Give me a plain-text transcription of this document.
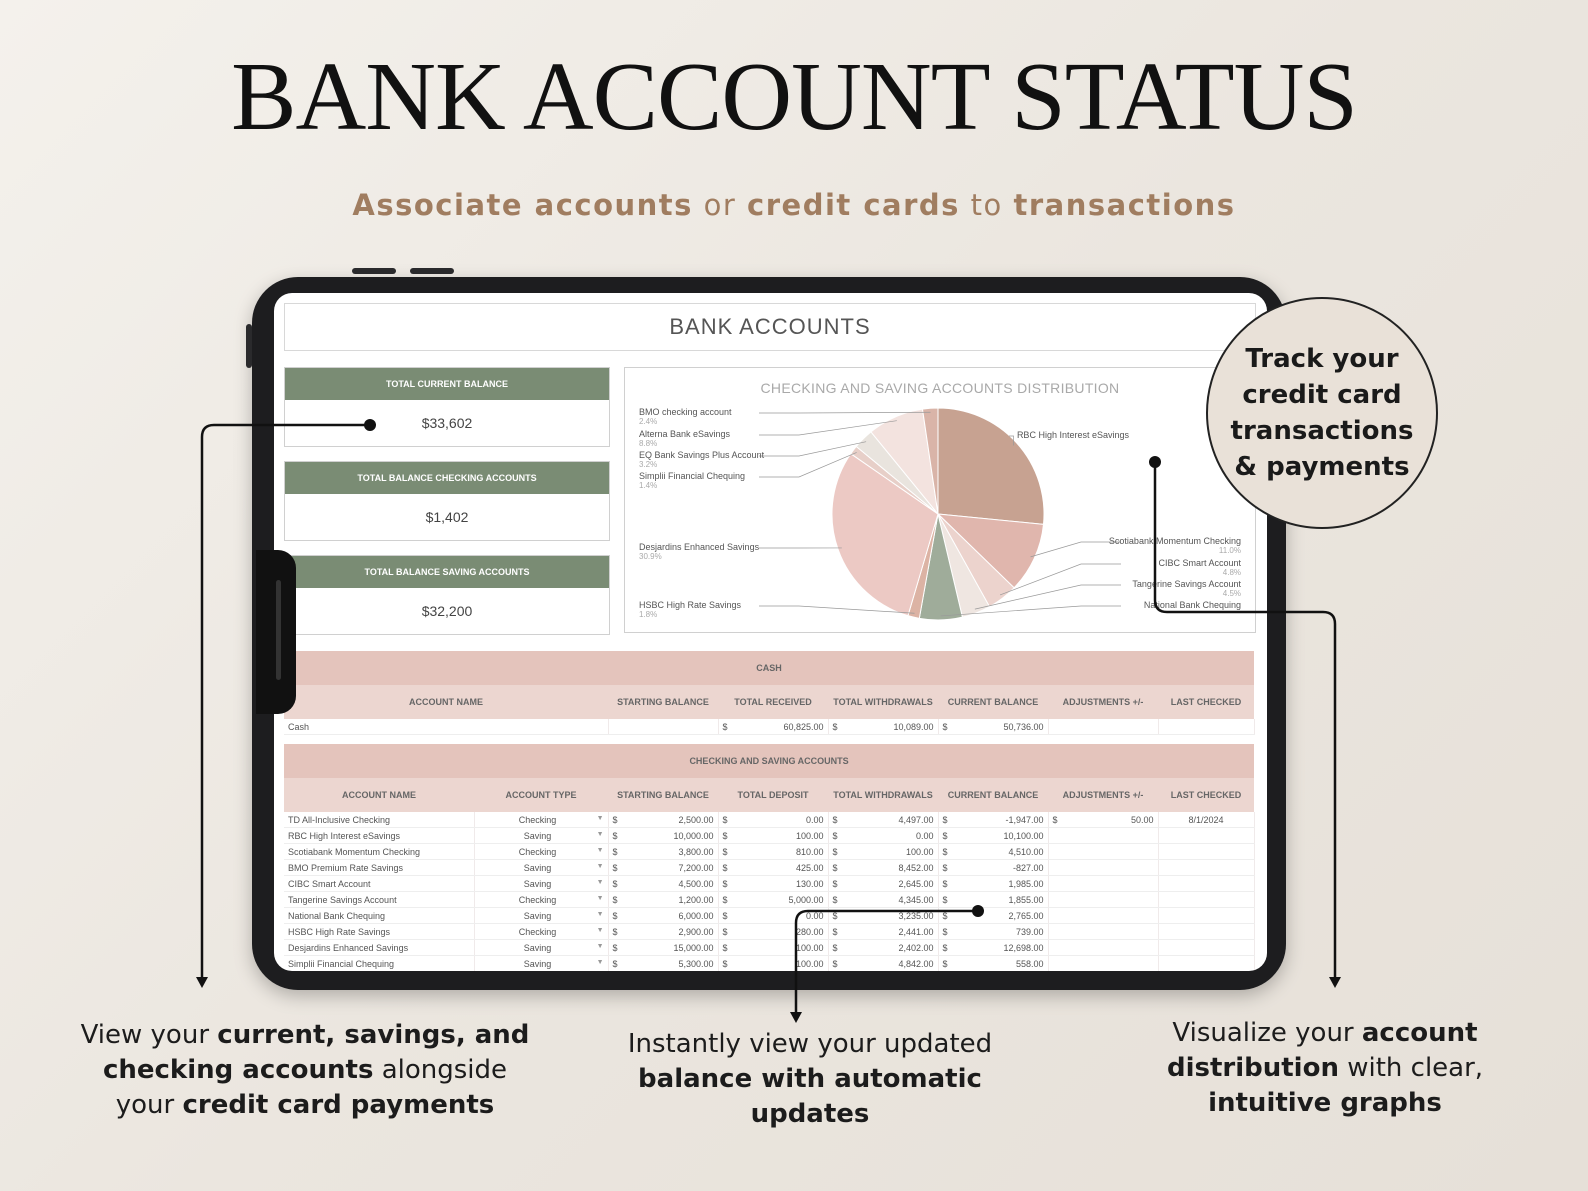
BANK ACCOUNT STATUS
Associate accounts or credit cards to transactions
BANK ACCOUNTS
TOTAL CURRENT BALANCE
$33,602
TOTAL BALANCE CHECKING ACCOUNTS
$1,402
TOTAL BALANCE SAVING ACCOUNTS
$32,200
CHECKING AND SAVING ACCOUNTS DISTRIBUTION
RBC High Interest eSavings
Scotiabank Momentum Checking
11.0%
CIBC Smart Account
4.8%
Tangerine Savings Account
4.5%
National Bank Chequing
HSBC High Rate Savings
1.8%
Desjardins Enhanced Savings
30.9%
Simplii Financial Chequing
1.4%
EQ Bank Savings Plus Account
3.2%
Alterna Bank eSavings
8.8%
BMO checking account
2.4%
CASH						
ACCOUNT NAME	STARTING BALANCE	TOTAL RECEIVED	TOTAL WITHDRAWALS	CURRENT BALANCE	ADJUSTMENTS +/-	LAST CHECKED
Cash		$ 60,825.00	$ 10,089.00	$ 50,736.00		

CHECKING AND SAVING ACCOUNTS							
ACCOUNT NAME	ACCOUNT TYPE	STARTING BALANCE	TOTAL DEPOSIT	TOTAL WITHDRAWALS	CURRENT BALANCE	ADJUSTMENTS +/-	LAST CHECKED
TD All-Inclusive Checking	Checking ▼	$ 2,500.00	$ 0.00	$ 4,497.00	$ -1,947.00	$ 50.00	8/1/2024
RBC High Interest eSavings	Saving ▼	$ 10,000.00	$ 100.00	$ 0.00	$ 10,100.00		

Scotiabank Momentum Checking	Checking ▼	$ 3,800.00	$ 810.00	$ 100.00	$ 4,510.00		

BMO Premium Rate Savings	Saving ▼	$ 7,200.00	$ 425.00	$ 8,452.00	$ -827.00		

CIBC Smart Account	Saving ▼	$ 4,500.00	$ 130.00	$ 2,645.00	$ 1,985.00		

Tangerine Savings Account	Checking ▼	$ 1,200.00	$ 5,000.00	$ 4,345.00	$ 1,855.00		

National Bank Chequing	Saving ▼	$ 6,000.00	$ 0.00	$ 3,235.00	$ 2,765.00		

HSBC High Rate Savings	Checking ▼	$ 2,900.00	$ 280.00	$ 2,441.00	$ 739.00		

Desjardins Enhanced Savings	Saving ▼	$ 15,000.00	$ 100.00	$ 2,402.00	$ 12,698.00		

Simplii Financial Chequing	Saving ▼	$ 5,300.00	$ 100.00	$ 4,842.00	$ 558.00		

Track your
credit card
transactions
& payments
View your current, savings, and
checking accounts alongside
your credit card payments
Instantly view your updated
balance with automatic
updates
Visualize your account
distribution with clear,
intuitive graphs
